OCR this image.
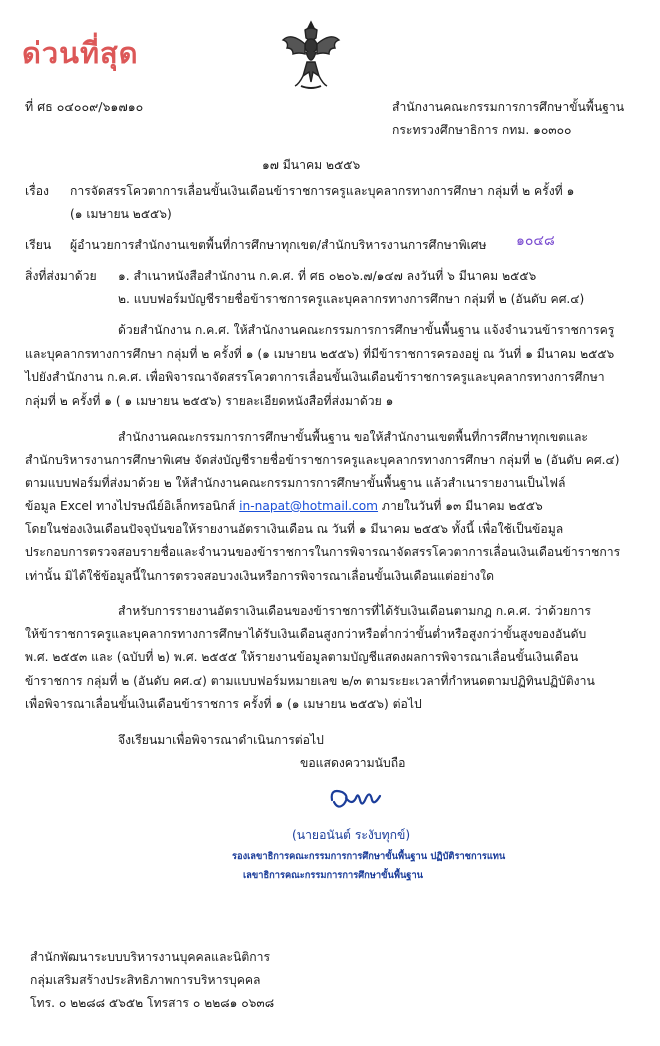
ด่วนที่สุด
ที่ ศธ ๐๔๐๐๙/๖๑๗๑๐	สำนักงานคณะกรรมการการศึกษาขั้นพื้นฐาน
กระทรวงศึกษาธิการ กทม. ๑๐๓๐๐
๑๗ มีนาคม ๒๕๕๖
เรื่อง การจัดสรรโควตาการเลื่อนขั้นเงินเดือนข้าราชการครูและบุคลากรทางการศึกษา กลุ่มที่ ๒ ครั้งที่ ๑
(๑ เมษายน ๒๕๕๖)
เรียน ผู้อำนวยการสำนักงานเขตพื้นที่การศึกษาทุกเขต/สำนักบริหารงานการศึกษาพิเศษ ๑๐๔๘
สิ่งที่ส่งมาด้วย ๑. สำเนาหนังสือสำนักงาน ก.ค.ศ. ที่ ศธ ๐๒๐๖.๗/๑๔๗ ลงวันที่ ๖ มีนาคม ๒๕๕๖
๒. แบบฟอร์มบัญชีรายชื่อข้าราชการครูและบุคลากรทางการศึกษา กลุ่มที่ ๒ (อันดับ คศ.๔)
ด้วยสำนักงาน ก.ค.ศ. ให้สำนักงานคณะกรรมการการศึกษาขั้นพื้นฐาน แจ้งจำนวนข้าราชการครู
และบุคลากรทางการศึกษา กลุ่มที่ ๒ ครั้งที่ ๑ (๑ เมษายน ๒๕๕๖) ที่มีข้าราชการครองอยู่ ณ วันที่ ๑ มีนาคม ๒๕๕๖
ไปยังสำนักงาน ก.ค.ศ. เพื่อพิจารณาจัดสรรโควตาการเลื่อนขั้นเงินเดือนข้าราชการครูและบุคลากรทางการศึกษา
กลุ่มที่ ๒ ครั้งที่ ๑ ( ๑ เมษายน ๒๕๕๖) รายละเอียดหนังสือที่ส่งมาด้วย ๑
สำนักงานคณะกรรมการการศึกษาขั้นพื้นฐาน ขอให้สำนักงานเขตพื้นที่การศึกษาทุกเขตและ
สำนักบริหารงานการศึกษาพิเศษ จัดส่งบัญชีรายชื่อข้าราชการครูและบุคลากรทางการศึกษา กลุ่มที่ ๒ (อันดับ คศ.๔)
ตามแบบฟอร์มที่ส่งมาด้วย ๒ ให้สำนักงานคณะกรรมการการศึกษาขั้นพื้นฐาน แล้วสำเนารายงานเป็นไฟล์
ข้อมูล Excel ทางไปรษณีย์อิเล็กทรอนิกส์ in-napat@hotmail.com ภายในวันที่ ๑๓ มีนาคม ๒๕๕๖
โดยในช่องเงินเดือนปัจจุบันขอให้รายงานอัตราเงินเดือน ณ วันที่ ๑ มีนาคม ๒๕๕๖ ทั้งนี้ เพื่อใช้เป็นข้อมูล
ประกอบการตรวจสอบรายชื่อและจำนวนของข้าราชการในการพิจารณาจัดสรรโควตาการเลื่อนเงินเดือนข้าราชการ
เท่านั้น มิได้ใช้ข้อมูลนี้ในการตรวจสอบวงเงินหรือการพิจารณาเลื่อนขั้นเงินเดือนแต่อย่างใด
สำหรับการรายงานอัตราเงินเดือนของข้าราชการที่ได้รับเงินเดือนตามกฎ ก.ค.ศ. ว่าด้วยการ
ให้ข้าราชการครูและบุคลากรทางการศึกษาได้รับเงินเดือนสูงกว่าหรือต่ำกว่าขั้นต่ำหรือสูงกว่าขั้นสูงของอันดับ
พ.ศ. ๒๕๕๓ และ (ฉบับที่ ๒) พ.ศ. ๒๕๕๕ ให้รายงานข้อมูลตามบัญชีแสดงผลการพิจารณาเลื่อนขั้นเงินเดือน
ข้าราชการ กลุ่มที่ ๒ (อันดับ คศ.๔) ตามแบบฟอร์มหมายเลข ๒/๓ ตามระยะเวลาที่กำหนดตามปฏิทินปฏิบัติงาน
เพื่อพิจารณาเลื่อนขั้นเงินเดือนข้าราชการ ครั้งที่ ๑ (๑ เมษายน ๒๕๕๖) ต่อไป
จึงเรียนมาเพื่อพิจารณาดำเนินการต่อไป
ขอแสดงความนับถือ
(นายอนันต์ ระงับทุกข์)
รองเลขาธิการคณะกรรมการการศึกษาขั้นพื้นฐาน ปฏิบัติราชการแทน
เลขาธิการคณะกรรมการการศึกษาขั้นพื้นฐาน
สำนักพัฒนาระบบบริหารงานบุคคลและนิติการ
กลุ่มเสริมสร้างประสิทธิภาพการบริหารบุคคล
โทร. ๐ ๒๒๘๘ ๕๖๕๒ โทรสาร ๐ ๒๒๘๑ ๐๖๓๘
